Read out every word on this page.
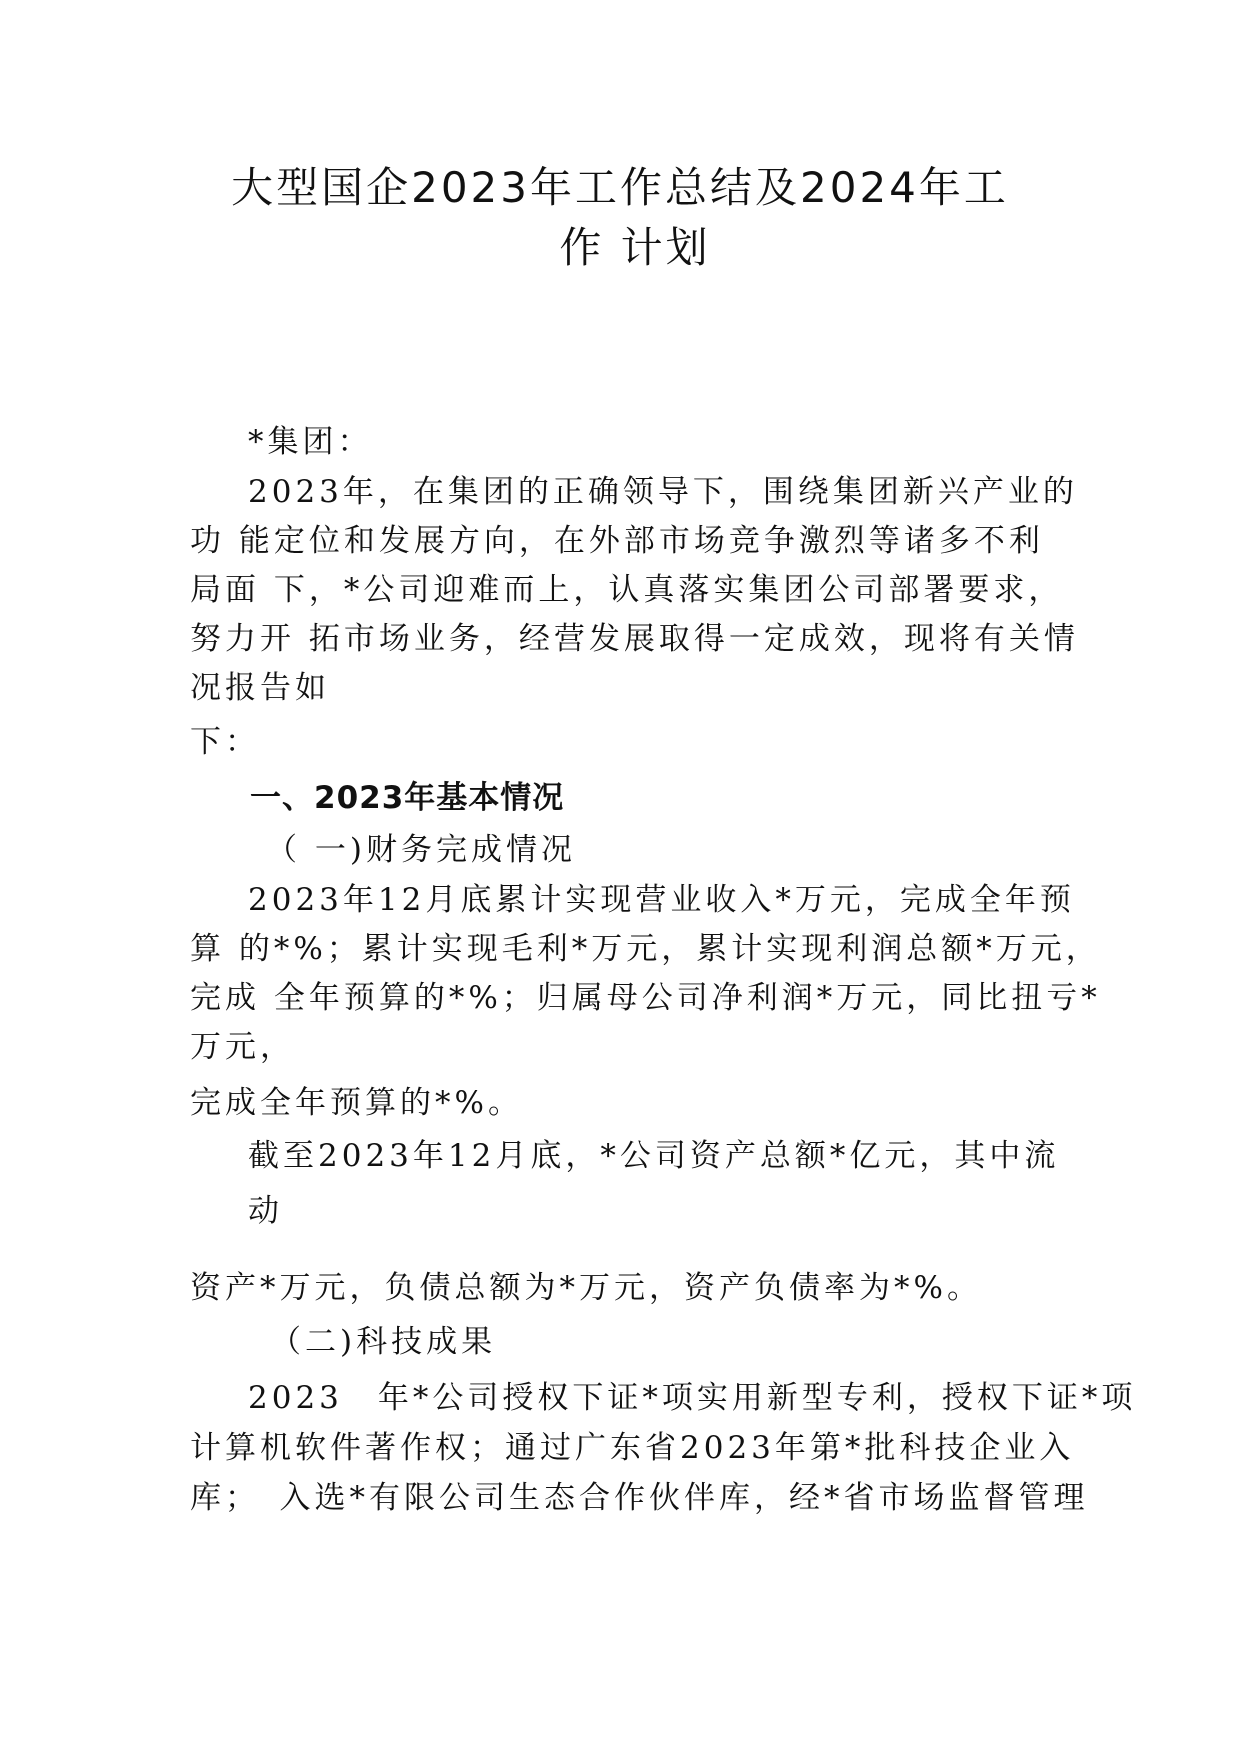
大型国企2023年工作总结及2024年工
作 计划
*集团：
2023年，在集团的正确领导下，围绕集团新兴产业的
功 能定位和发展方向，在外部市场竞争激烈等诸多不利
局面 下，*公司迎难而上，认真落实集团公司部署要求，
努力开 拓市场业务，经营发展取得一定成效，现将有关情
况报告如
下：
一、2023年基本情况
（ 一)财务完成情况
2023年12月底累计实现营业收入*万元，完成全年预
算 的*%；累计实现毛利*万元，累计实现利润总额*万元，
完成 全年预算的*%；归属母公司净利润*万元，同比扭亏*
万元，
完成全年预算的*%。
截至2023年12月底，*公司资产总额*亿元，其中流
动
资产*万元，负债总额为*万元，资产负债率为*%。
（二)科技成果
2023　年*公司授权下证*项实用新型专利，授权下证*项
计算机软件著作权；通过广东省2023年第*批科技企业入
库；　入选*有限公司生态合作伙伴库，经*省市场监督管理
